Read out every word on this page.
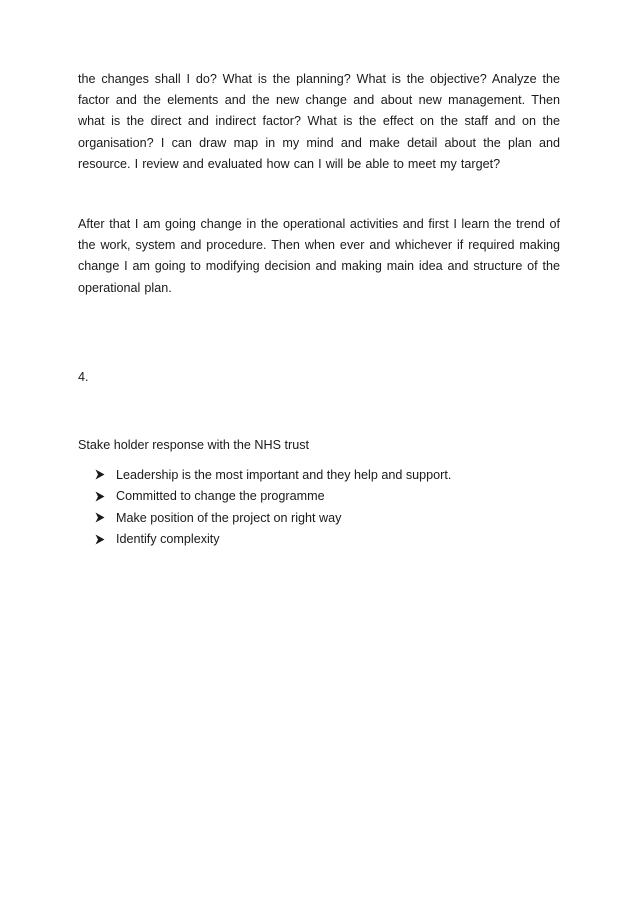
the changes shall I do? What is the planning? What is the objective? Analyze the factor and the elements and the new change and about new management. Then what is the direct and indirect factor? What is the effect on the staff and on the organisation? I can draw map in my mind and make detail about the plan and resource. I review and evaluated how can I will be able to meet my target?

After that I am going change in the operational activities and first I learn the trend of the work, system and procedure. Then when ever and whichever if required making change I am going to modifying decision and making main idea and structure of the operational plan.

4.

Stake holder response with the NHS trust

Leadership is the most important and they help and support.
Committed to change the programme
Make position of the project on right way
Identify complexity
